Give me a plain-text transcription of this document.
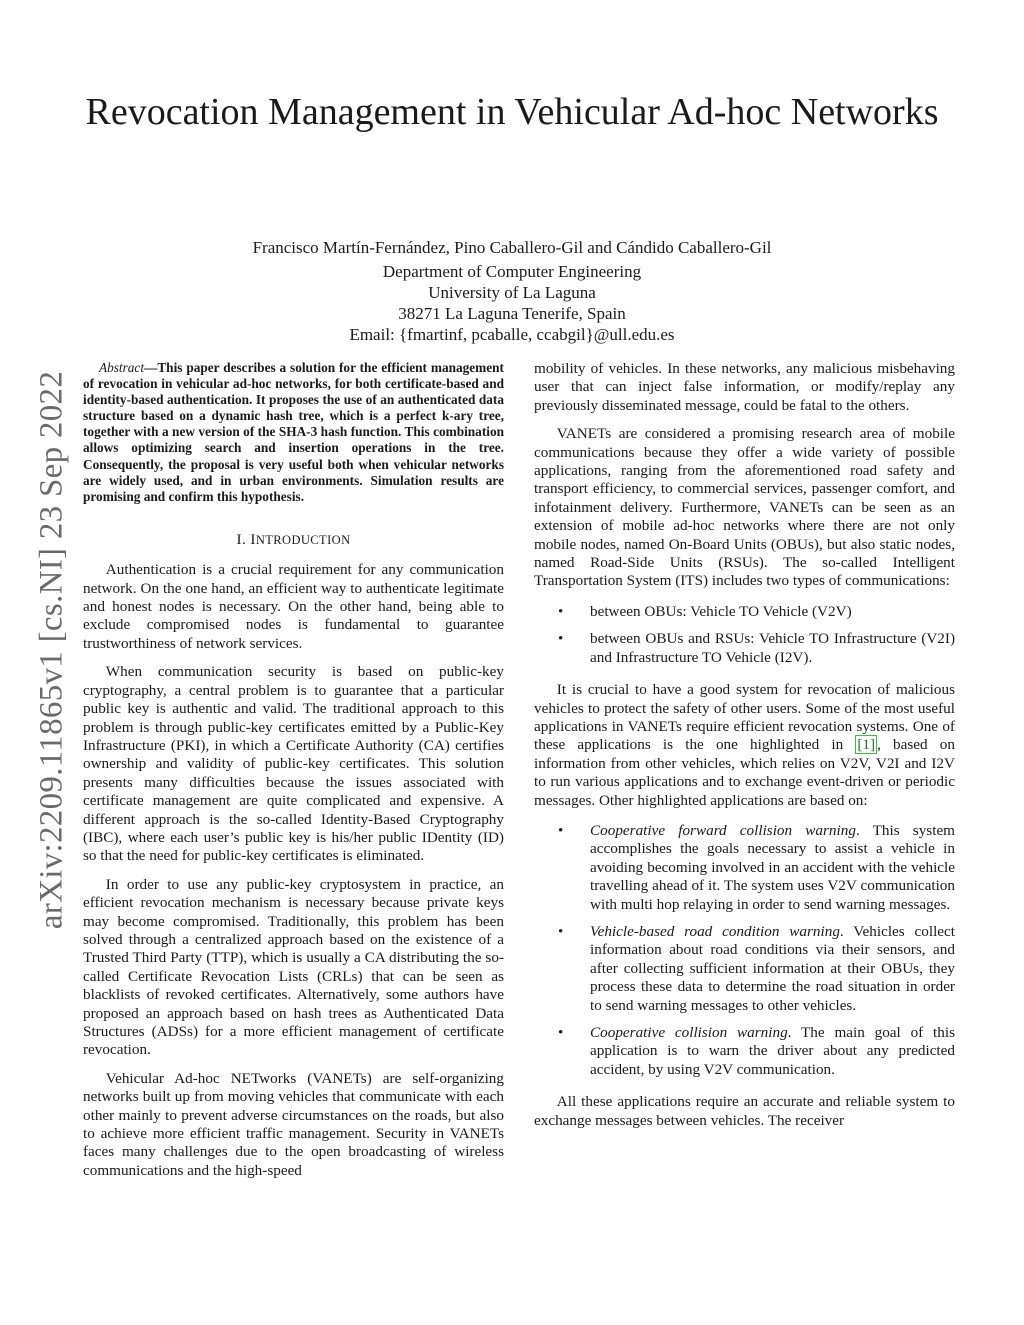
Revocation Management in Vehicular Ad-hoc Networks
Francisco Martín-Fernández, Pino Caballero-Gil and Cándido Caballero-Gil
Department of Computer Engineering
University of La Laguna
38271 La Laguna Tenerife, Spain
Email: {fmartinf, pcaballe, ccabgil}@ull.edu.es
arXiv:2209.11865v1 [cs.NI] 23 Sep 2022

Abstract—This paper describes a solution for the efficient management of revocation in vehicular ad-hoc networks, for both certificate-based and identity-based authentication. It proposes the use of an authenticated data structure based on a dynamic hash tree, which is a perfect k-ary tree, together with a new version of the SHA-3 hash function. This combination allows optimizing search and insertion operations in the tree. Consequently, the proposal is very useful both when vehicular networks are widely used, and in urban environments. Simulation results are promising and confirm this hypothesis.

I. INTRODUCTION

Authentication is a crucial requirement for any communication network. On the one hand, an efficient way to authenticate legitimate and honest nodes is necessary. On the other hand, being able to exclude compromised nodes is fundamental to guarantee trustworthiness of network services.

When communication security is based on public-key cryptography, a central problem is to guarantee that a particular public key is authentic and valid. The traditional approach to this problem is through public-key certificates emitted by a Public-Key Infrastructure (PKI), in which a Certificate Authority (CA) certifies ownership and validity of public-key certificates. This solution presents many difficulties because the issues associated with certificate management are quite complicated and expensive. A different approach is the so-called Identity-Based Cryptography (IBC), where each user’s public key is his/her public IDentity (ID) so that the need for public-key certificates is eliminated.

In order to use any public-key cryptosystem in practice, an efficient revocation mechanism is necessary because private keys may become compromised. Traditionally, this problem has been solved through a centralized approach based on the existence of a Trusted Third Party (TTP), which is usually a CA distributing the so-called Certificate Revocation Lists (CRLs) that can be seen as blacklists of revoked certificates. Alternatively, some authors have proposed an approach based on hash trees as Authenticated Data Structures (ADSs) for a more efficient management of certificate revocation.

Vehicular Ad-hoc NETworks (VANETs) are self-organizing networks built up from moving vehicles that communicate with each other mainly to prevent adverse circumstances on the roads, but also to achieve more efficient traffic management. Security in VANETs faces many challenges due to the open broadcasting of wireless communications and the high-speed

mobility of vehicles. In these networks, any malicious misbehaving user that can inject false information, or modify/replay any previously disseminated message, could be fatal to the others.

VANETs are considered a promising research area of mobile communications because they offer a wide variety of possible applications, ranging from the aforementioned road safety and transport efficiency, to commercial services, passenger comfort, and infotainment delivery. Furthermore, VANETs can be seen as an extension of mobile ad-hoc networks where there are not only mobile nodes, named On-Board Units (OBUs), but also static nodes, named Road-Side Units (RSUs). The so-called Intelligent Transportation System (ITS) includes two types of communications:

• between OBUs: Vehicle TO Vehicle (V2V)
• between OBUs and RSUs: Vehicle TO Infrastructure (V2I) and Infrastructure TO Vehicle (I2V).

It is crucial to have a good system for revocation of malicious vehicles to protect the safety of other users. Some of the most useful applications in VANETs require efficient revocation systems. One of these applications is the one highlighted in [1] , based on information from other vehicles, which relies on V2V, V2I and I2V to run various applications and to exchange event-driven or periodic messages. Other highlighted applications are based on:

• Cooperative forward collision warning. This system accomplishes the goals necessary to assist a vehicle in avoiding becoming involved in an accident with the vehicle travelling ahead of it. The system uses V2V communication with multi hop relaying in order to send warning messages.
• Vehicle-based road condition warning. Vehicles collect information about road conditions via their sensors, and after collecting sufficient information at their OBUs, they process these data to determine the road situation in order to send warning messages to other vehicles.
• Cooperative collision warning. The main goal of this application is to warn the driver about any predicted accident, by using V2V communication.

All these applications require an accurate and reliable system to exchange messages between vehicles. The receiver
